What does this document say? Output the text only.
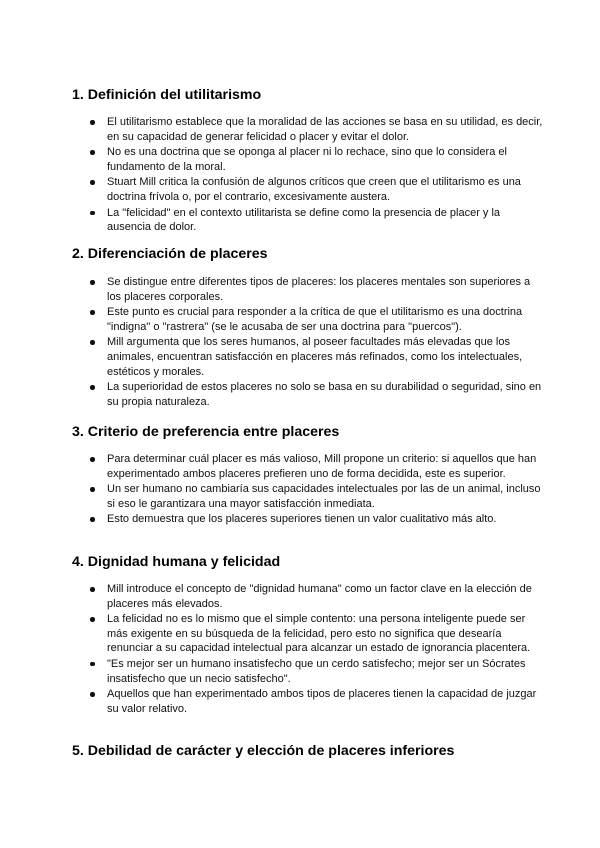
1. Definición del utilitarismo
El utilitarismo establece que la moralidad de las acciones se basa en su utilidad, es decir, en su capacidad de generar felicidad o placer y evitar el dolor.
No es una doctrina que se oponga al placer ni lo rechace, sino que lo considera el fundamento de la moral.
Stuart Mill critica la confusión de algunos críticos que creen que el utilitarismo es una doctrina frívola o, por el contrario, excesivamente austera.
La "felicidad" en el contexto utilitarista se define como la presencia de placer y la ausencia de dolor.
2. Diferenciación de placeres
Se distingue entre diferentes tipos de placeres: los placeres mentales son superiores a los placeres corporales.
Este punto es crucial para responder a la crítica de que el utilitarismo es una doctrina "indigna" o "rastrera" (se le acusaba de ser una doctrina para "puercos").
Mill argumenta que los seres humanos, al poseer facultades más elevadas que los animales, encuentran satisfacción en placeres más refinados, como los intelectuales, estéticos y morales.
La superioridad de estos placeres no solo se basa en su durabilidad o seguridad, sino en su propia naturaleza.
3. Criterio de preferencia entre placeres
Para determinar cuál placer es más valioso, Mill propone un criterio: si aquellos que han experimentado ambos placeres prefieren uno de forma decidida, este es superior.
Un ser humano no cambiaría sus capacidades intelectuales por las de un animal, incluso si eso le garantizara una mayor satisfacción inmediata.
Esto demuestra que los placeres superiores tienen un valor cualitativo más alto.
4. Dignidad humana y felicidad
Mill introduce el concepto de "dignidad humana" como un factor clave en la elección de placeres más elevados.
La felicidad no es lo mismo que el simple contento: una persona inteligente puede ser más exigente en su búsqueda de la felicidad, pero esto no significa que desearía renunciar a su capacidad intelectual para alcanzar un estado de ignorancia placentera.
"Es mejor ser un humano insatisfecho que un cerdo satisfecho; mejor ser un Sócrates insatisfecho que un necio satisfecho".
Aquellos que han experimentado ambos tipos de placeres tienen la capacidad de juzgar su valor relativo.
5. Debilidad de carácter y elección de placeres inferiores
